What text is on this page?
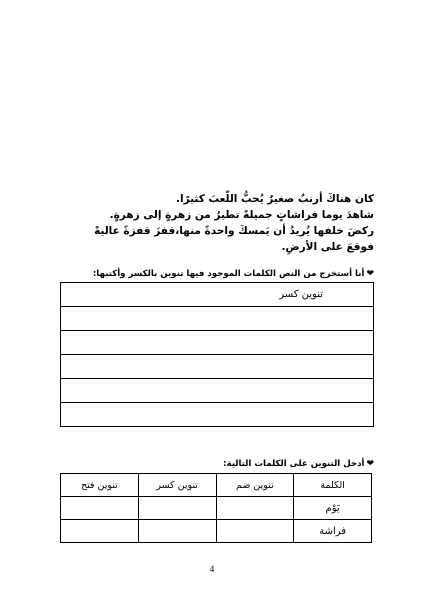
كان هناكَ أرنبٌ صغيرٌ يُحبُّ اللّعبَ كثيرًا.
شاهدَ يوما فراشاتٍ جميلةً تطيرُ من زهرةٍ إلى زهرةٍ.
ركضَ خلفها يُريدُ أن يَمسكَ واحدةً منها،قفزَ قفزةً عاليةً
فوقعَ على الأرضِ.
❤أنا أستخرج من النص الكلمات الموجود فيها تنوين بالكسر وأكتبها:
تنوين كسر

❤أدخل التنوين على الكلمات التالية:
الكلمة	تنوين ضم	تنوين كسر	تنوين فتح
يَوْم			
فراشة			
4
